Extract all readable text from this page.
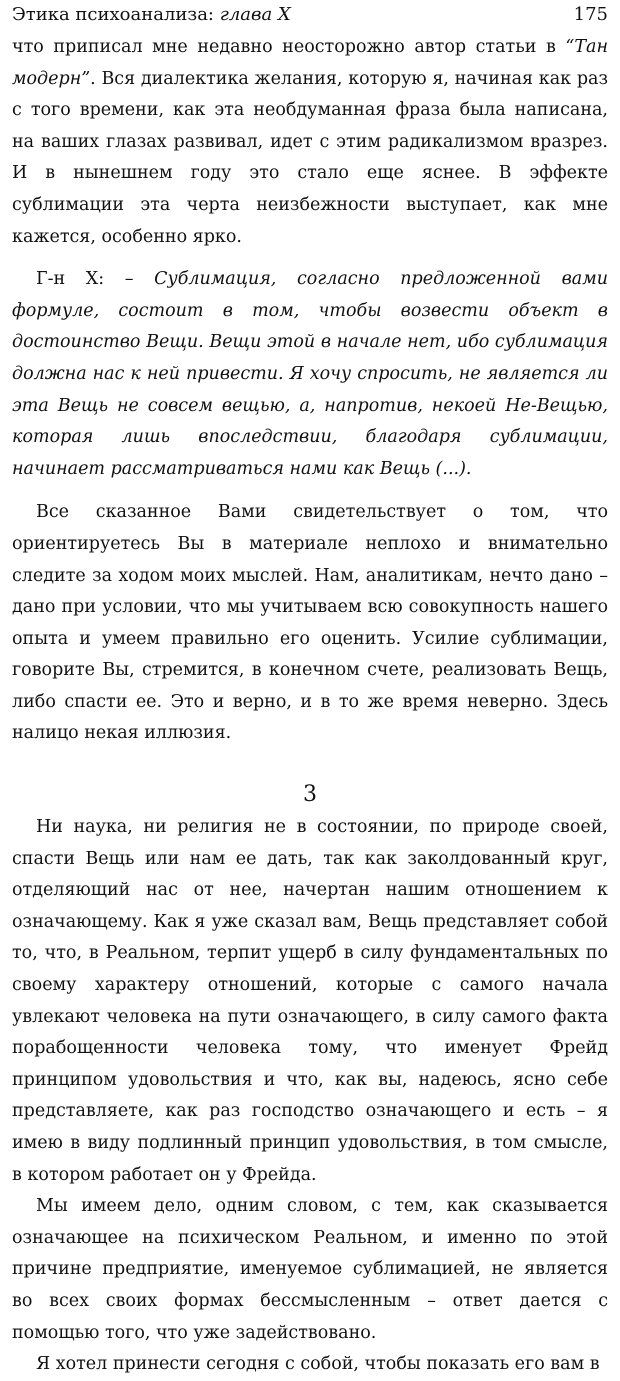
Этика психоанализа: глава X	175

что приписал мне недавно неосторожно автор статьи в “Тан модерн”. Вся диалектика желания, которую я, начиная как раз с того времени, как эта необдуманная фраза была написана, на ваших глазах развивал, идет с этим радикализмом вразрез. И в нынешнем году это стало еще яснее. В эффекте сублимации эта черта неизбежности выступает, как мне кажется, особенно ярко.

Г-н X: – Сублимация, согласно предложенной вами формуле, состоит в том, чтобы возвести объект в достоинство Вещи. Вещи этой в начале нет, ибо сублимация должна нас к ней привести. Я хочу спросить, не является ли эта Вещь не совсем вещью, а, напротив, некоей Не-Вещью, которая лишь впоследствии, благодаря сублимации, начинает рассматриваться нами как Вещь (...).

Все сказанное Вами свидетельствует о том, что ориентируетесь Вы в материале неплохо и внимательно следите за ходом моих мыслей. Нам, аналитикам, нечто дано – дано при условии, что мы учитываем всю совокупность нашего опыта и умеем правильно его оценить. Усилие сублимации, говорите Вы, стремится, в конечном счете, реализовать Вещь, либо спасти ее. Это и верно, и в то же время неверно. Здесь налицо некая иллюзия.

3

Ни наука, ни религия не в состоянии, по природе своей, спасти Вещь или нам ее дать, так как заколдованный круг, отделяющий нас от нее, начертан нашим отношением к означающему. Как я уже сказал вам, Вещь представляет собой то, что, в Реальном, терпит ущерб в силу фундаментальных по своему характеру отношений, которые с самого начала увлекают человека на пути означающего, в силу самого факта порабощенности человека тому, что именует Фрейд принципом удовольствия и что, как вы, надеюсь, ясно себе представляете, как раз господство означающего и есть – я имею в виду подлинный принцип удовольствия, в том смысле, в котором работает он у Фрейда.

Мы имеем дело, одним словом, с тем, как сказывается означающее на психическом Реальном, и именно по этой причине предприятие, именуемое сублимацией, не является во всех своих формах бессмысленным – ответ дается с помощью того, что уже задействовано.

Я хотел принести сегодня с собой, чтобы показать его вам в
